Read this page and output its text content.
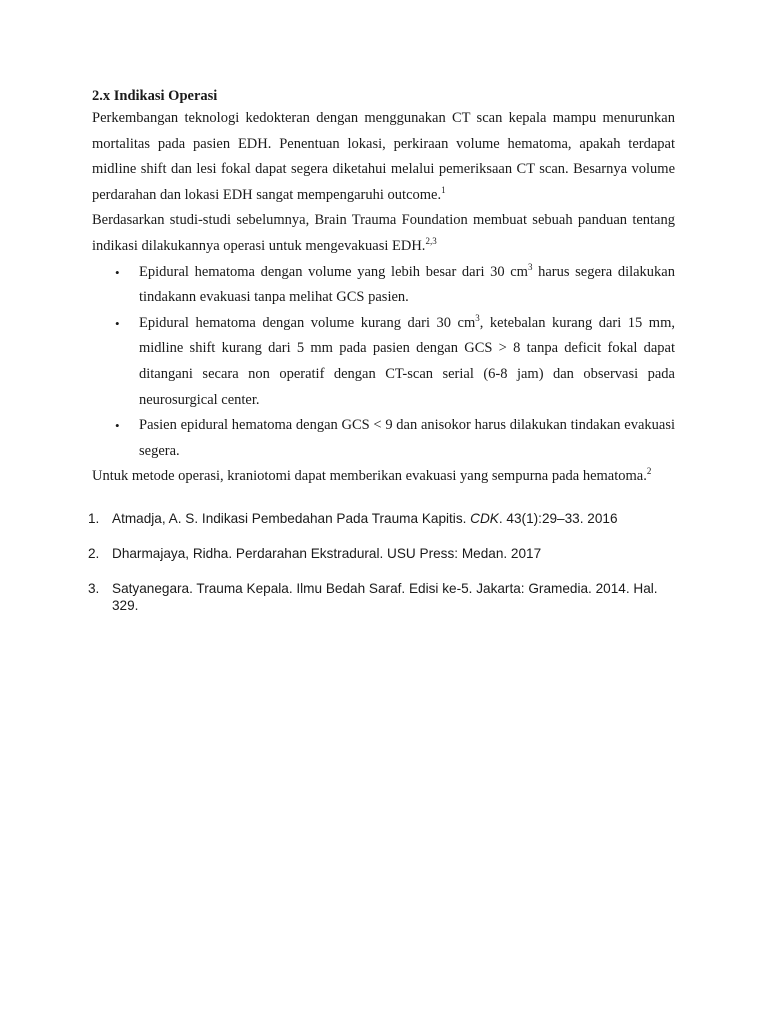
2.x Indikasi Operasi

Perkembangan teknologi kedokteran dengan menggunakan CT scan kepala mampu menurunkan mortalitas pada pasien EDH. Penentuan lokasi, perkiraan volume hematoma, apakah terdapat midline shift dan lesi fokal dapat segera diketahui melalui pemeriksaan CT scan. Besarnya volume perdarahan dan lokasi EDH sangat mempengaruhi outcome.$^1$

Berdasarkan studi-studi sebelumnya, Brain Trauma Foundation membuat sebuah panduan tentang indikasi dilakukannya operasi untuk mengevakuasi EDH.$^{2,3}$

• Epidural hematoma dengan volume yang lebih besar dari 30 $cm^3$ harus segera dilakukan tindakann evakuasi tanpa melihat GCS pasien.
• Epidural hematoma dengan volume kurang dari 30 $cm^3$, ketebalan kurang dari 15 mm, midline shift kurang dari 5 mm pada pasien dengan GCS > 8 tanpa deficit fokal dapat ditangani secara non operatif dengan CT-scan serial (6-8 jam) dan observasi pada neurosurgical center.
• Pasien epidural hematoma dengan GCS < 9 dan anisokor harus dilakukan tindakan evakuasi segera.

Untuk metode operasi, kraniotomi dapat memberikan evakuasi yang sempurna pada hematoma.$^2$

1. Atmadja, A. S. Indikasi Pembedahan Pada Trauma Kapitis. CDK. 43(1):29–33. 2016
2. Dharmajaya, Ridha. Perdarahan Ekstradural. USU Press: Medan. 2017
3. Satyanegara. Trauma Kepala. Ilmu Bedah Saraf. Edisi ke-5. Jakarta: Gramedia. 2014. Hal. 329.
